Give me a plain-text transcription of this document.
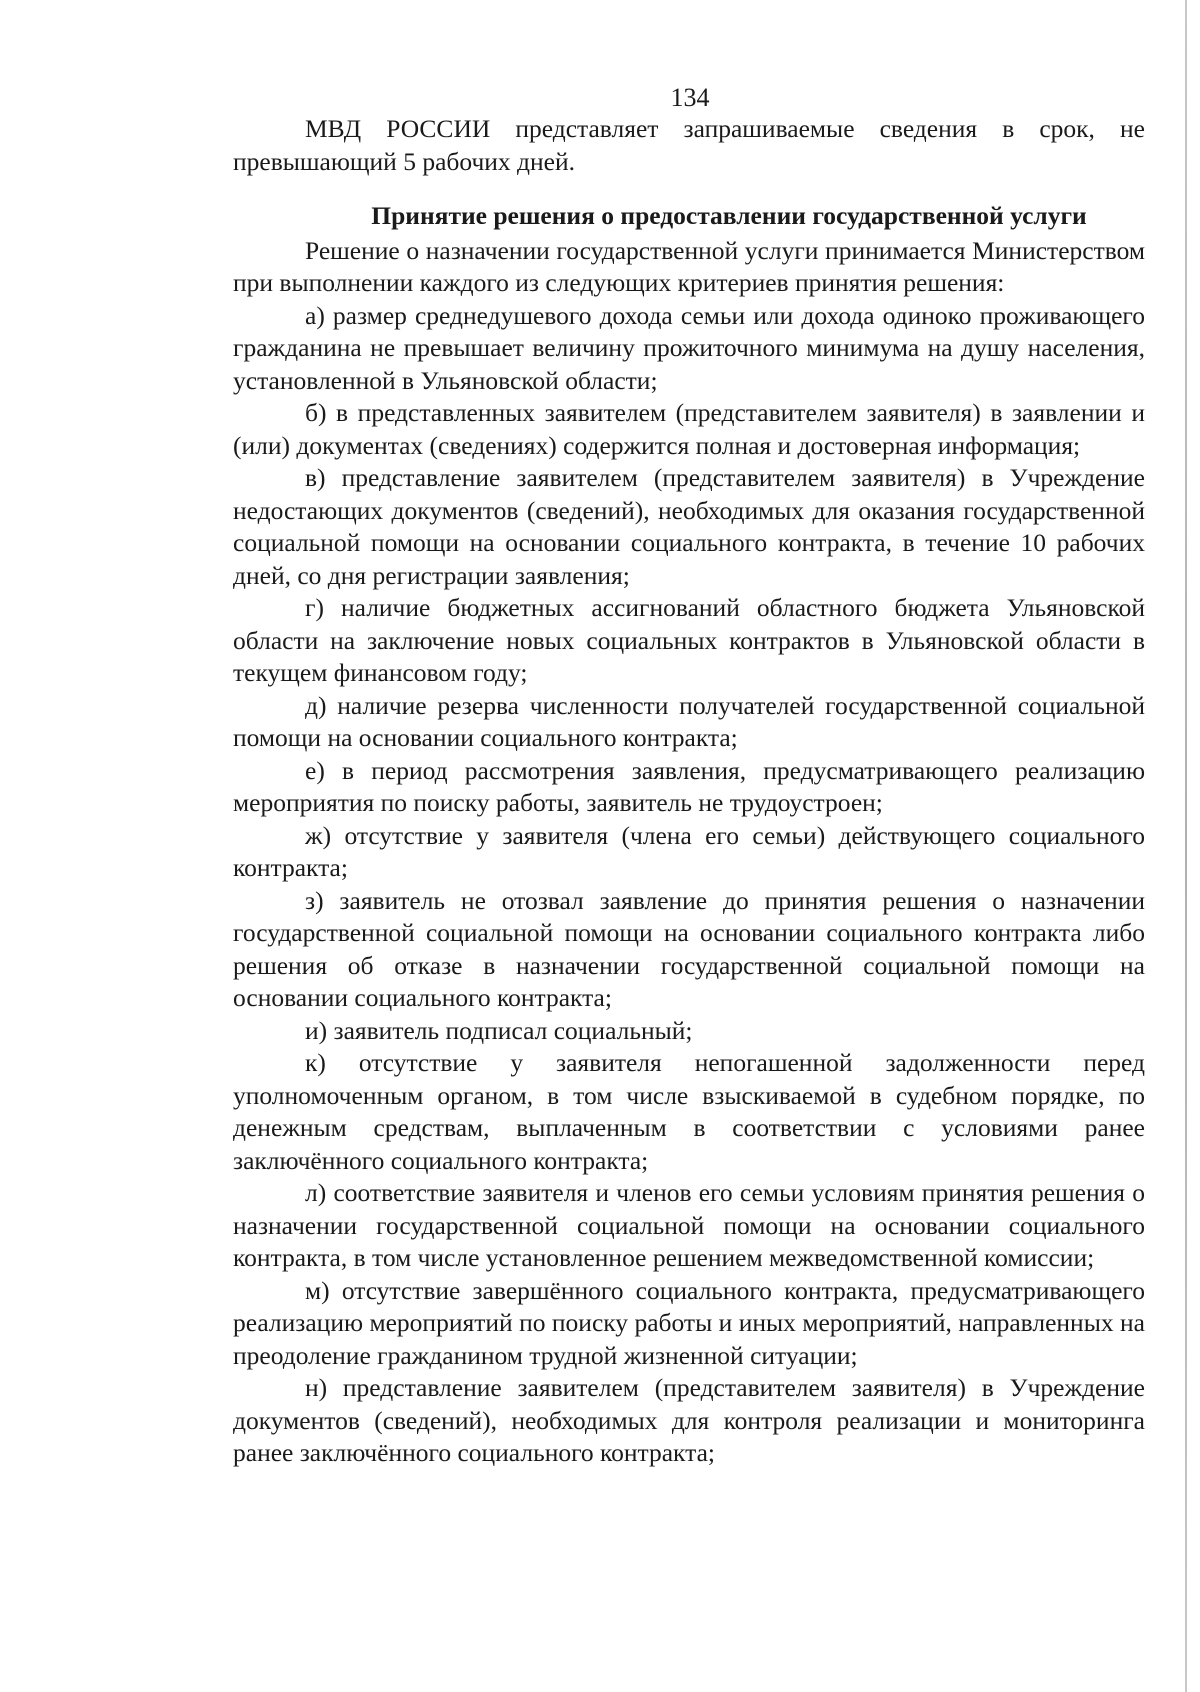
134

МВД РОССИИ представляет запрашиваемые сведения в срок, не превышающий 5 рабочих дней.

Принятие решения о предоставлении государственной услуги

Решение о назначении государственной услуги принимается Министерством при выполнении каждого из следующих критериев принятия решения:

а) размер среднедушевого дохода семьи или дохода одиноко проживающего гражданина не превышает величину прожиточного минимума на душу населения, установленной в Ульяновской области;

б) в представленных заявителем (представителем заявителя) в заявлении и (или) документах (сведениях) содержится полная и достоверная информация;

в) представление заявителем (представителем заявителя) в Учреждение недостающих документов (сведений), необходимых для оказания государственной социальной помощи на основании социального контракта, в течение 10 рабочих дней, со дня регистрации заявления;

г) наличие бюджетных ассигнований областного бюджета Ульяновской области на заключение новых социальных контрактов в Ульяновской области в текущем финансовом году;

д) наличие резерва численности получателей государственной социальной помощи на основании социального контракта;

е) в период рассмотрения заявления, предусматривающего реализацию мероприятия по поиску работы, заявитель не трудоустроен;

ж) отсутствие у заявителя (члена его семьи) действующего социального контракта;

з) заявитель не отозвал заявление до принятия решения о назначении государственной социальной помощи на основании социального контракта либо решения об отказе в назначении государственной социальной помощи на основании социального контракта;

и) заявитель подписал социальный;

к) отсутствие у заявителя непогашенной задолженности перед уполномоченным органом, в том числе взыскиваемой в судебном порядке, по денежным средствам, выплаченным в соответствии с условиями ранее заключённого социального контракта;

л) соответствие заявителя и членов его семьи условиям принятия решения о назначении государственной социальной помощи на основании социального контракта, в том числе установленное решением межведомственной комиссии;

м) отсутствие завершённого социального контракта, предусматривающего реализацию мероприятий по поиску работы и иных мероприятий, направленных на преодоление гражданином трудной жизненной ситуации;

н) представление заявителем (представителем заявителя) в Учреждение документов (сведений), необходимых для контроля реализации и мониторинга ранее заключённого социального контракта;
